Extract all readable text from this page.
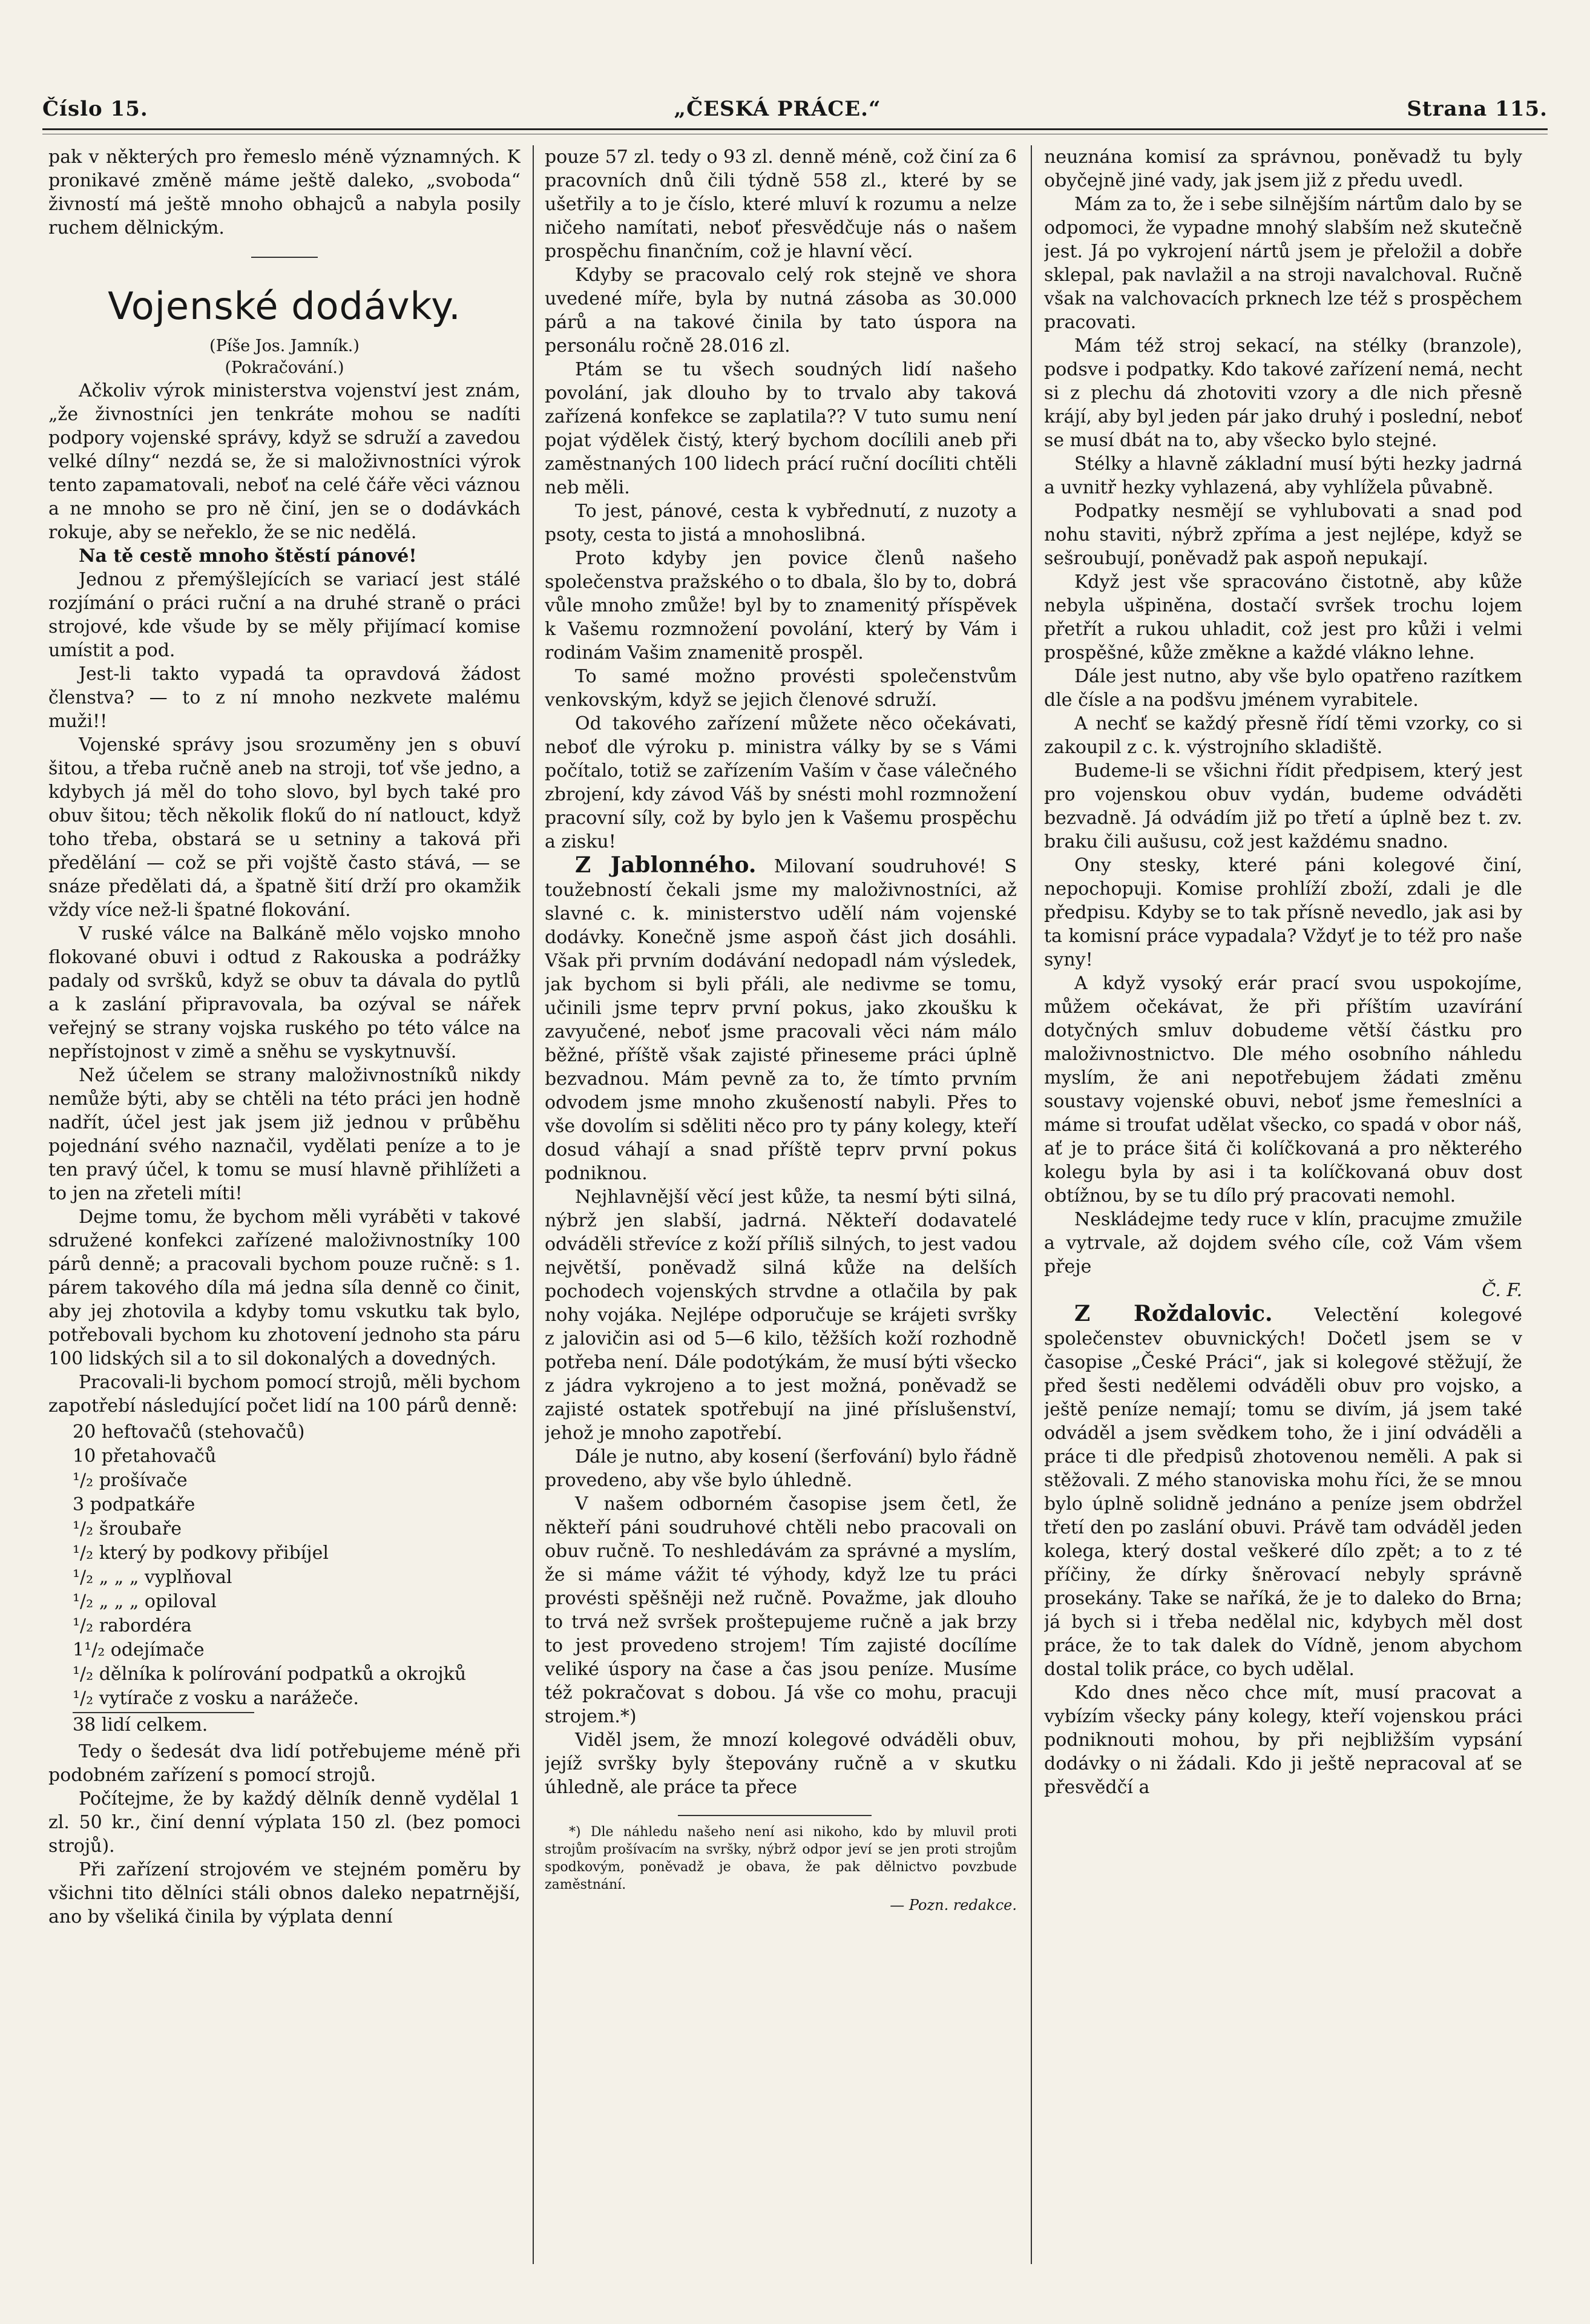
Číslo 15.	„ČESKÁ PRÁCE.“	Strana 115.

pak v některých pro řemeslo méně významných. K pronikavé změně máme ještě daleko, „svoboda“ živností má ještě mnoho obhajců a nabyla posily ruchem dělnickým.

Vojenské dodávky.
(Píše Jos. Jamník.)
(Pokračování.)

Ačkoliv výrok ministerstva vojenství jest znám, „že živnostníci jen tenkráte mohou se nadíti podpory vojenské správy, když se sdruží a zavedou velké dílny“ nezdá se, že si maloživnostníci výrok tento zapamatovali, neboť na celé čáře věci váznou a ne mnoho se pro ně činí, jen se o dodávkách rokuje, aby se neřeklo, že se nic nedělá.

Na tě cestě mnoho štěstí pánové!

Jednou z přemýšlejících se variací jest stálé rozjímání o práci ruční a na druhé straně o práci strojové, kde všude by se měly přijímací komise umístit a pod.

Jest-li takto vypadá ta opravdová žádost členstva? — to z ní mnoho nezkvete malému muži!!

Vojenské správy jsou srozuměny jen s obuví šitou, a třeba ručně aneb na stroji, toť vše jedno, a kdybych já měl do toho slovo, byl bych také pro obuv šitou; těch několik flokű do ní natlouct, když toho třeba, obstará se u setniny a taková při předělání — což se při vojště často stává, — se snáze předělati dá, a špatně šití drží pro okamžik vždy více než-li špatné flokování.

V ruské válce na Balkáně mělo vojsko mnoho flokované obuvi i odtud z Rakouska a podrážky padaly od svršků, když se obuv ta dávala do pytlů a k zaslání připravovala, ba ozýval se nářek veřejný se strany vojska ruského po této válce na nepřístojnost v zimě a sněhu se vyskytnuvší.

Než účelem se strany maloživnostníků nikdy nemůže býti, aby se chtěli na této práci jen hodně nadřít, účel jest jak jsem již jednou v průběhu pojednání svého naznačil, vydělati peníze a to je ten pravý účel, k tomu se musí hlavně přihlížeti a to jen na zřeteli míti!

Dejme tomu, že bychom měli vyráběti v takové sdružené konfekci zařízené maloživnostníky 100 párů denně; a pracovali bychom pouze ručně: s 1. párem takového díla má jedna síla denně co činit, aby jej zhotovila a kdyby tomu vskutku tak bylo, potřebovali bychom ku zhotovení jednoho sta páru 100 lidských sil a to sil dokonalých a dovedných.

Pracovali-li bychom pomocí strojů, měli bychom zapotřebí následující počet lidí na 100 párů denně:

20 heftovačů (stehovačů)
10 přetahovačů
¹/₂ prošívače
3 podpatkáře
¹/₂ šroubaře
¹/₂ který by podkovy přibíjel
¹/₂ „ „ „ vyplňoval
¹/₂ „ „ „ opiloval
¹/₂ rabordéra
1¹/₂ odejímače
¹/₂ dělníka k polírování podpatků a okrojků
¹/₂ vytírače z vosku a narážeče.
38 lidí celkem.

Tedy o šedesát dva lidí potřebujeme méně při podobném zařízení s pomocí strojů.

Počítejme, že by každý dělník denně vydělal 1 zl. 50 kr., činí denní výplata 150 zl. (bez pomoci strojů).

Při zařízení strojovém ve stejném poměru by všichni tito dělníci stáli obnos daleko nepatrnější, ano by všeliká činila by výplata denní

pouze 57 zl. tedy o 93 zl. denně méně, což činí za 6 pracovních dnů čili týdně 558 zl., které by se ušetřily a to je číslo, které mluví k rozumu a nelze ničeho namítati, neboť přesvědčuje nás o našem prospěchu finančním, což je hlavní věcí.

Kdyby se pracovalo celý rok stejně ve shora uvedené míře, byla by nutná zásoba as 30.000 párů a na takové činila by tato úspora na personálu ročně 28.016 zl.

Ptám se tu všech soudných lidí našeho povolání, jak dlouho by to trvalo aby taková zařízená konfekce se zaplatila?? V tuto sumu není pojat výdělek čistý, který bychom docílili aneb při zaměstnaných 100 lidech prácí ruční docíliti chtěli neb měli.

To jest, pánové, cesta k vybřednutí, z nuzoty a psoty, cesta to jistá a mnohoslibná.

Proto kdyby jen povice členů našeho společenstva pražského o to dbala, šlo by to, dobrá vůle mnoho zmůže! byl by to znamenitý příspěvek k Vašemu rozmnožení povolání, který by Vám i rodinám Vašim znamenitě prospěl.

To samé možno provésti společenstvům venkovským, když se jejich členové sdruží.

Od takového zařízení můžete něco očekávati, neboť dle výroku p. ministra války by se s Vámi počítalo, totiž se zařízením Vaším v čase válečného zbrojení, kdy závod Váš by snésti mohl rozmnožení pracovní síly, což by bylo jen k Vašemu prospěchu a zisku!

Z Jablonného. Milovaní soudruhové! S toužebností čekali jsme my maloživnostníci, až slavné c. k. ministerstvo udělí nám vojenské dodávky. Konečně jsme aspoň část jich dosáhli. Však při prvním dodávání nedopadl nám výsledek, jak bychom si byli přáli, ale nedivme se tomu, učinili jsme teprv první pokus, jako zkoušku k zavyučené, neboť jsme pracovali věci nám málo běžné, příště však zajisté přineseme práci úplně bezvadnou. Mám pevně za to, že tímto prvním odvodem jsme mnoho zkušeností nabyli. Přes to vše dovolím si sděliti něco pro ty pány kolegy, kteří dosud váhají a snad příště teprv první pokus podniknou.

Nejhlavnější věcí jest kůže, ta nesmí býti silná, nýbrž jen slabší, jadrná. Někteří dodavatelé odváděli střevíce z koží příliš silných, to jest vadou největší, poněvadž silná kůže na delších pochodech vojenských strvdne a otlačila by pak nohy vojáka. Nejlépe odporučuje se krájeti svršky z jalovičin asi od 5—6 kilo, těžších koží rozhodně potřeba není. Dále podotýkám, že musí býti všecko z jádra vykrojeno a to jest možná, poněvadž se zajisté ostatek spotřebují na jiné příslušenství, jehož je mnoho zapotřebí.

Dále je nutno, aby kosení (šerfování) bylo řádně provedeno, aby vše bylo úhledně.

V našem odborném časopise jsem četl, že někteří páni soudruhové chtěli nebo pracovali on obuv ručně. To neshledávám za správné a myslím, že si máme vážit té výhody, když lze tu práci provésti spěšněji než ručně. Považme, jak dlouho to trvá než svršek proštepujeme ručně a jak brzy to jest provedeno strojem! Tím zajisté docílíme veliké úspory na čase a čas jsou peníze. Musíme též pokračovat s dobou. Já vše co mohu, pracuji strojem.*)

Viděl jsem, že mnozí kolegové odváděli obuv, jejíž svršky byly štepovány ručně a v skutku úhledně, ale práce ta přece

*) Dle náhledu našeho není asi nikoho, kdo by mluvil proti strojům prošívacím na svršky, nýbrž odpor jeví se jen proti strojům spodkovým, poněvadž je obava, že pak dělnictvo povzbude zaměstnání.

— Pozn. redakce.

neuznána komisí za správnou, poněvadž tu byly obyčejně jiné vady, jak jsem již z předu uvedl.

Mám za to, že i sebe silnějším nártům dalo by se odpomoci, že vypadne mnohý slabším než skutečně jest. Já po vykrojení nártů jsem je přeložil a dobře sklepal, pak navlažil a na stroji navalchoval. Ručně však na valchovacích prknech lze též s prospěchem pracovati.

Mám též stroj sekací, na stélky (branzole), podsve i podpatky. Kdo takové zařízení nemá, necht si z plechu dá zhotoviti vzory a dle nich přesně krájí, aby byl jeden pár jako druhý i poslední, neboť se musí dbát na to, aby všecko bylo stejné.

Stélky a hlavně základní musí býti hezky jadrná a uvnitř hezky vyhlazená, aby vyhlížela půvabně.

Podpatky nesmějí se vyhlubovati a snad pod nohu staviti, nýbrž zpříma a jest nejlépe, když se sešroubují, poněvadž pak aspoň nepukají.

Když jest vše spracováno čistotně, aby kůže nebyla ušpiněna, dostačí svršek trochu lojem přetřít a rukou uhladit, což jest pro kůži i velmi prospěšné, kůže změkne a každé vlákno lehne.

Dále jest nutno, aby vše bylo opatřeno razítkem dle čísle a na podšvu jménem vyrabitele.

A nechť se každý přesně řídí těmi vzorky, co si zakoupil z c. k. výstrojního skladiště.

Budeme-li se všichni řídit předpisem, který jest pro vojenskou obuv vydán, budeme odváděti bezvadně. Já odvádím již po třetí a úplně bez t. zv. braku čili aušusu, což jest každému snadno.

Ony stesky, které páni kolegové činí, nepochopuji. Komise prohlíží zboží, zdali je dle předpisu. Kdyby se to tak přísně nevedlo, jak asi by ta komisní práce vypadala? Vždyť je to též pro naše syny!

A když vysoký erár prací svou uspokojíme, můžem očekávat, že při příštím uzavírání dotyčných smluv dobudeme větší částku pro maloživnostnictvo. Dle mého osobního náhledu myslím, že ani nepotřebujem žádati změnu soustavy vojenské obuvi, neboť jsme řemeslníci a máme si troufat udělat všecko, co spadá v obor náš, ať je to práce šitá či kolíčkovaná a pro některého kolegu byla by asi i ta kolíčkovaná obuv dost obtížnou, by se tu dílo prý pracovati nemohl.

Neskládejme tedy ruce v klín, pracujme zmužile a vytrvale, až dojdem svého cíle, což Vám všem přeje

Č. F.

Z Roždalovic. Velectění kolegové společenstev obuvnických! Dočetl jsem se v časopise „České Práci“, jak si kolegové stěžují, že před šesti nedělemi odváděli obuv pro vojsko, a ještě peníze nemají; tomu se divím, já jsem také odváděl a jsem svědkem toho, že i jiní odváděli a práce ti dle předpisů zhotovenou neměli. A pak si stěžovali. Z mého stanoviska mohu říci, že se mnou bylo úplně solidně jednáno a peníze jsem obdržel třetí den po zaslání obuvi. Právě tam odváděl jeden kolega, který dostal veškeré dílo zpět; a to z té příčiny, že dírky šněrovací nebyly správně prosekány. Take se naříká, že je to daleko do Brna; já bych si i třeba nedělal nic, kdybych měl dost práce, že to tak dalek do Vídně, jenom abychom dostal tolik práce, co bych udělal.

Kdo dnes něco chce mít, musí pracovat a vybízím všecky pány kolegy, kteří vojenskou práci podniknouti mohou, by při nejbližším vypsání dodávky o ni žádali. Kdo ji ještě nepracoval ať se přesvědčí a
